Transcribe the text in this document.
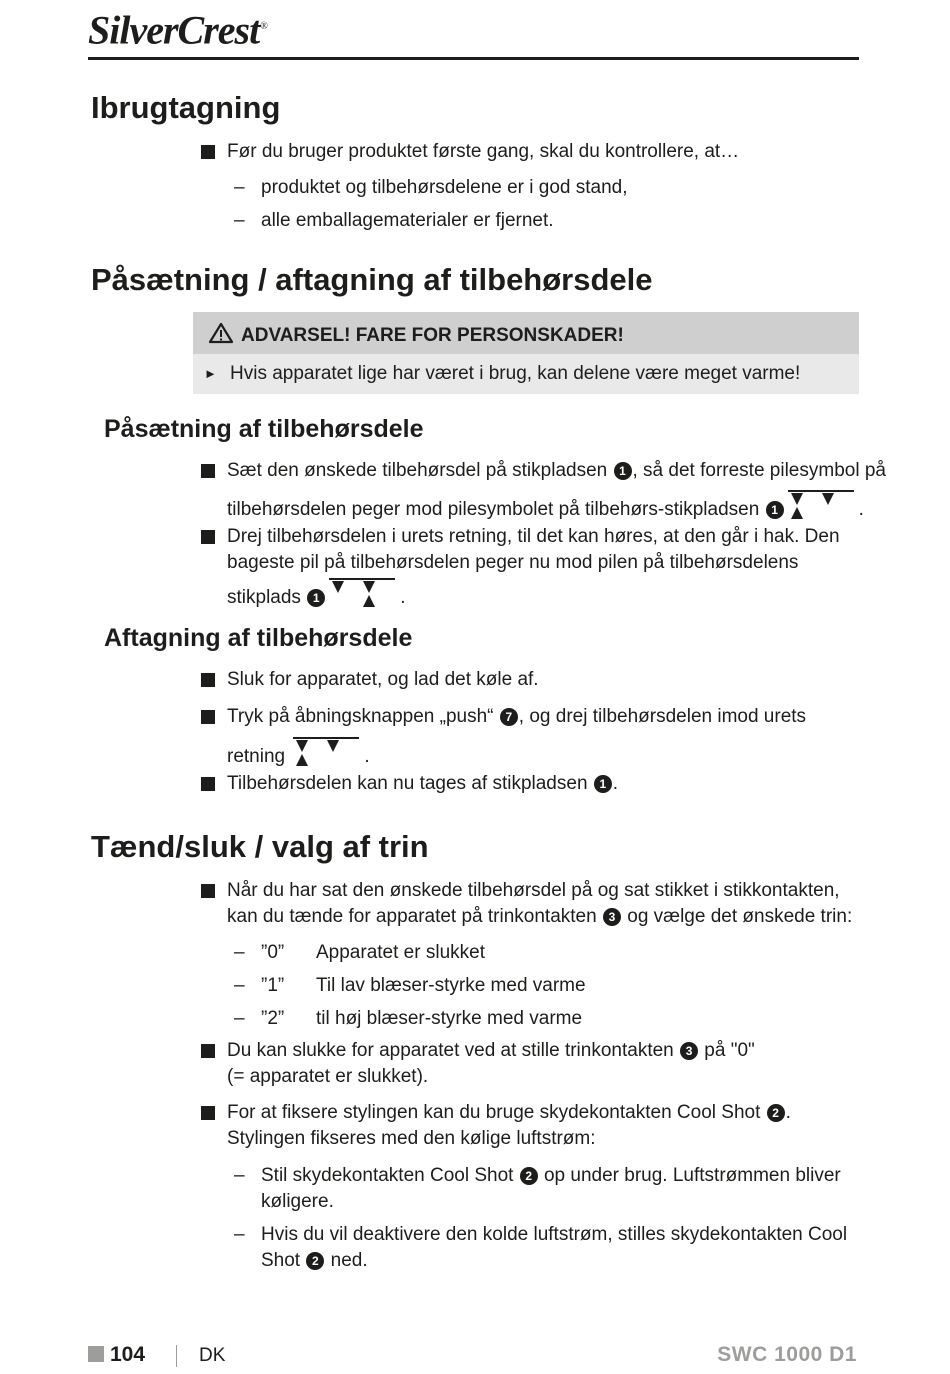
SilverCrest®
Ibrugtagning
Før du bruger produktet første gang, skal du kontrollere, at…
– produktet og tilbehørsdelene er i god stand,
– alle emballagematerialer er fjernet.
Påsætning / aftagning af tilbehørsdele
ADVARSEL! FARE FOR PERSONSKADER!
► Hvis apparatet lige har været i brug, kan delene være meget varme!
Påsætning af tilbehørsdele
Sæt den ønskede tilbehørsdel på stikpladsen 1 , så det forreste pilesymbol på
tilbehørsdelen peger mod pilesymbolet på tilbehørs-stikpladsen 1	.
Drej tilbehørsdelen i urets retning, til det kan høres, at den går i hak. Den
bageste pil på tilbehørsdelen peger nu mod pilen på tilbehørsdelens
stikplads 1	.
Aftagning af tilbehørsdele
Sluk for apparatet, og lad det køle af.
Tryk på åbningsknappen „push“ 7 , og drej tilbehørsdelen imod urets
retning	.
Tilbehørsdelen kan nu tages af stikpladsen 1 .
Tænd/sluk / valg af trin
Når du har sat den ønskede tilbehørsdel på og sat stikket i stikkontakten,
kan du tænde for apparatet på trinkontakten 3 og vælge det ønskede trin:
– ”0” Apparatet er slukket
– ”1” Til lav blæser-styrke med varme
– ”2” til høj blæser-styrke med varme
Du kan slukke for apparatet ved at stille trinkontakten 3 på "0"
(= apparatet er slukket).
For at fiksere stylingen kan du bruge skydekontakten Cool Shot 2 .
Stylingen fikseres med den kølige luftstrøm:
– Stil skydekontakten Cool Shot 2 op under brug. Luftstrømmen bliver
køligere.
– Hvis du vil deaktivere den kolde luftstrøm, stilles skydekontakten Cool
Shot 2 ned.
104	DK	SWC 1000 D1
